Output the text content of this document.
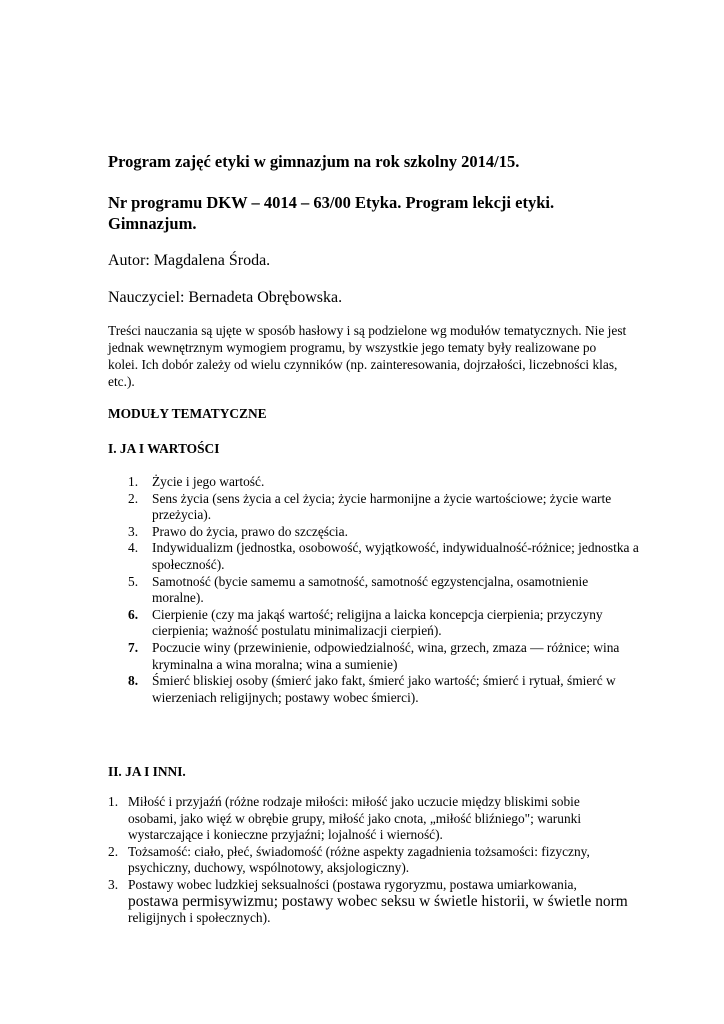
Program zajęć etyki w gimnazjum na rok szkolny 2014/15.

Nr programu DKW – 4014 – 63/00 Etyka. Program lekcji etyki.

Gimnazjum.

Autor: Magdalena Środa.

Nauczyciel: Bernadeta Obrębowska.

Treści nauczania są ujęte w sposób hasłowy i są podzielone wg modułów tematycznych. Nie jest jednak wewnętrznym wymogiem programu, by wszystkie jego tematy były realizowane po kolei. Ich dobór zależy od wielu czynników (np. zainteresowania, dojrzałości, liczebności klas, etc.).

MODUŁY TEMATYCZNE

I. JA I WARTOŚCI

1. Życie i jego wartość.
2. Sens życia (sens życia a cel życia; życie harmonijne a życie wartościowe; życie warte przeżycia).
3. Prawo do życia, prawo do szczęścia.
4. Indywidualizm (jednostka, osobowość, wyjątkowość, indywidualność-różnice; jednostka a społeczność).
5. Samotność (bycie samemu a samotność, samotność egzystencjalna, osamotnienie moralne).
6. Cierpienie (czy ma jakąś wartość; religijna a laicka koncepcja cierpienia; przyczyny cierpienia; ważność postulatu minimalizacji cierpień).
7. Poczucie winy (przewinienie, odpowiedzialność, wina, grzech, zmaza — różnice; wina kryminalna a wina moralna; wina a sumienie)
8. Śmierć bliskiej osoby (śmierć jako fakt, śmierć jako wartość; śmierć i rytuał, śmierć w wierzeniach religijnych; postawy wobec śmierci).

II. JA I INNI.

1. Miłość i przyjaźń (różne rodzaje miłości: miłość jako uczucie między bliskimi sobie osobami, jako więź w obrębie grupy, miłość jako cnota, „miłość bliźniego"; warunki wystarczające i konieczne przyjaźni; lojalność i wierność).
2. Tożsamość: ciało, płeć, świadomość (różne aspekty zagadnienia tożsamości: fizyczny, psychiczny, duchowy, wspólnotowy, aksjologiczny).
3. Postawy wobec ludzkiej seksualności (postawa rygoryzmu, postawa umiarkowania,
postawa permisywizmu; postawy wobec seksu w świetle historii, w świetle norm religijnych i społecznych).
